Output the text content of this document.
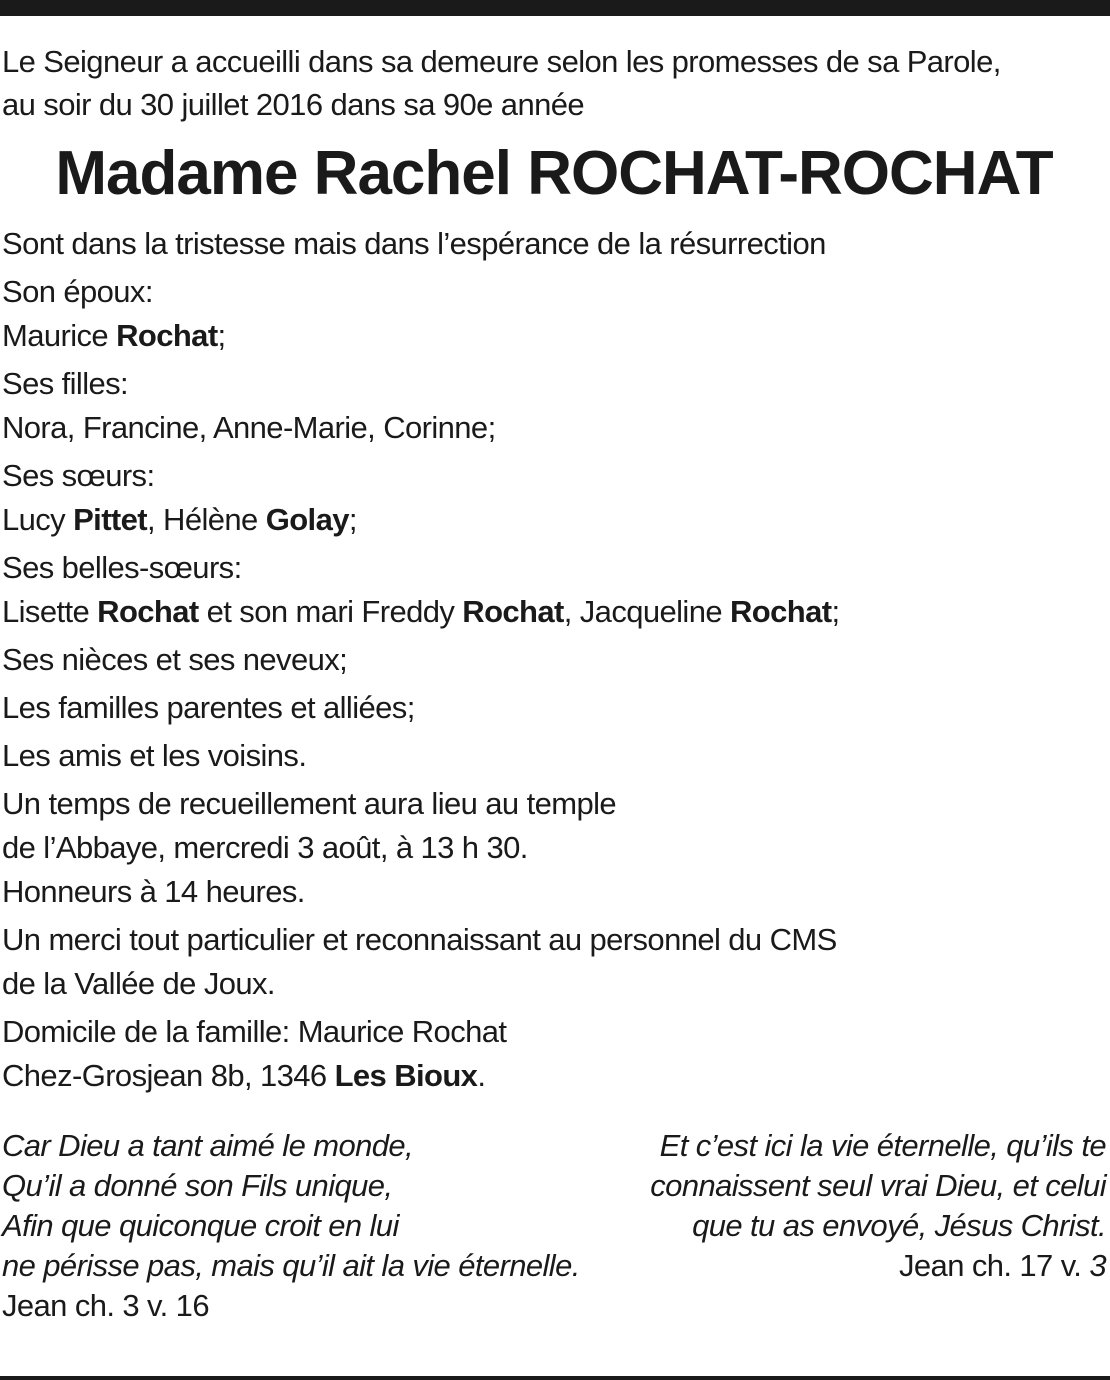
Le Seigneur a accueilli dans sa demeure selon les promesses de sa Parole,
au soir du 30 juillet 2016 dans sa 90e année
Madame Rachel ROCHAT-ROCHAT
Sont dans la tristesse mais dans l’espérance de la résurrection
Son époux:
Maurice Rochat;
Ses filles:
Nora, Francine, Anne-Marie, Corinne;
Ses sœurs:
Lucy Pittet, Hélène Golay;
Ses belles-sœurs:
Lisette Rochat et son mari Freddy Rochat, Jacqueline Rochat;
Ses nièces et ses neveux;
Les familles parentes et alliées;
Les amis et les voisins.
Un temps de recueillement aura lieu au temple
de l’Abbaye, mercredi 3 août, à 13 h 30.
Honneurs à 14 heures.
Un merci tout particulier et reconnaissant au personnel du CMS
de la Vallée de Joux.
Domicile de la famille: Maurice Rochat
Chez-Grosjean 8b, 1346 Les Bioux.
Car Dieu a tant aimé le monde,
Qu’il a donné son Fils unique,
Afin que quiconque croit en lui
ne périsse pas, mais qu’il ait la vie éternelle.
Jean ch. 3 v. 16
Et c’est ici la vie éternelle, qu’ils te
connaissent seul vrai Dieu, et celui
que tu as envoyé, Jésus Christ.
Jean ch. 17 v. 3
